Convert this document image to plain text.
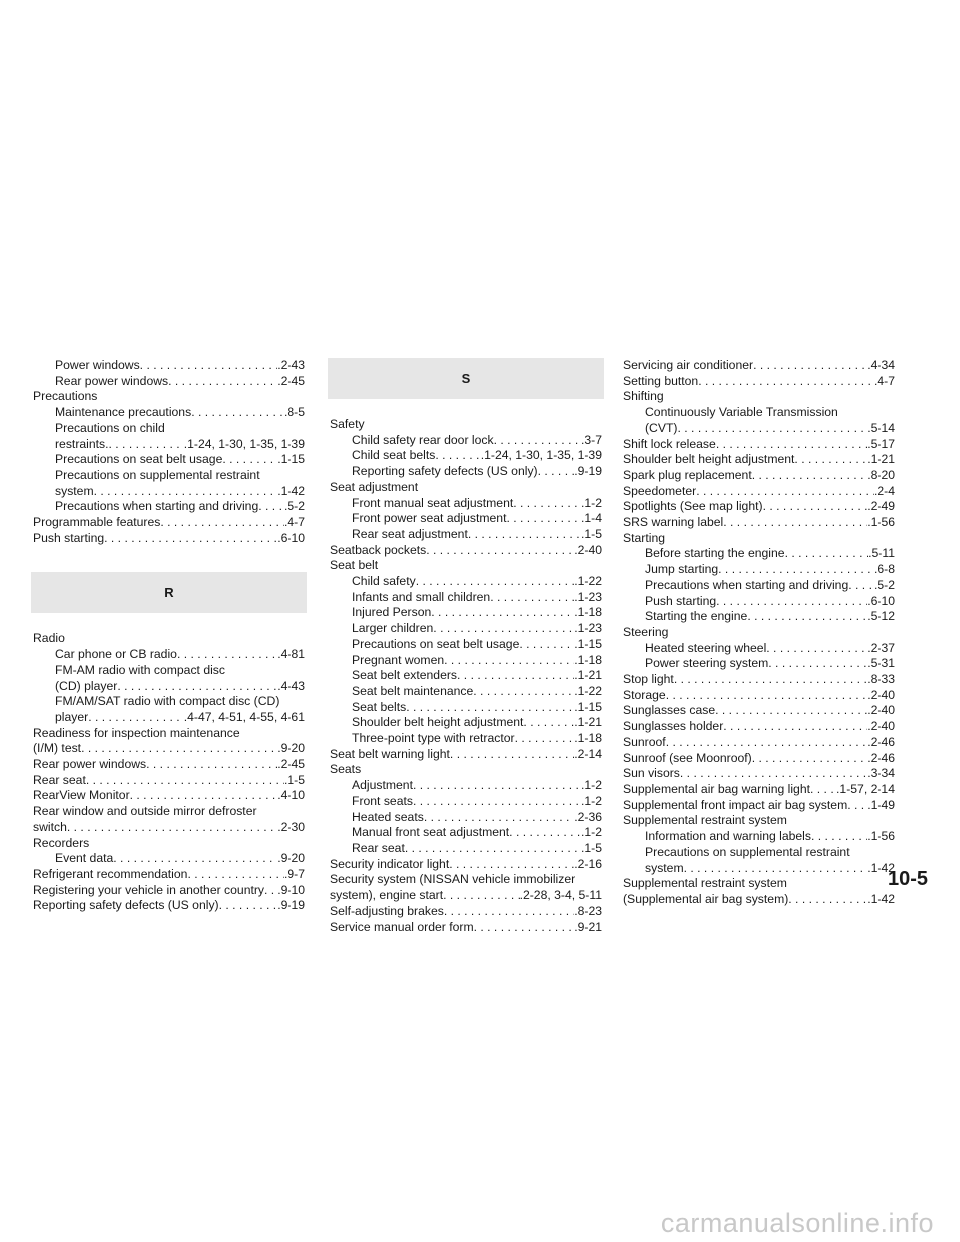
Power windows . . .	.2-43
Rear power windows . . .	.2-45
Precautions
Maintenance precautions . . .	.8-5
Precautions on child
restraints. . . .	.1-24, 1-30, 1-35, 1-39
Precautions on seat belt usage . . .	.1-15
Precautions on supplemental restraint
system . . .	.1-42
Precautions when starting and driving . . . .5-2
Programmable features . . .	.4-7
Push starting . . .	.6-10
R
Radio
Car phone or CB radio . . .	.4-81
FM-AM radio with compact disc
(CD) player . . .	.4-43
FM/AM/SAT radio with compact disc (CD)
player . . .	.4-47, 4-51, 4-55, 4-61
Readiness for inspection maintenance
(I/M) test . . .	.9-20
Rear power windows . . .	.2-45
Rear seat . . .	.1-5
RearView Monitor . . .	.4-10
Rear window and outside mirror defroster
switch . . .	.2-30
Recorders
Event data . . .	.9-20
Refrigerant recommendation . . .	.9-7
Registering your vehicle in another country . . . .9-10
Reporting safety defects (US only) . . .	.9-19
S
Safety
Child safety rear door lock . . .	.3-7
Child seat belts . . .	.1-24, 1-30, 1-35, 1-39
Reporting safety defects (US only) . . .	.9-19
Seat adjustment
Front manual seat adjustment . . .	.1-2
Front power seat adjustment . . .	.1-4
Rear seat adjustment . . .	.1-5
Seatback pockets . . .	.2-40
Seat belt
Child safety . . .	.1-22
Infants and small children . . .	.1-23
Injured Person . . .	.1-18
Larger children . . .	.1-23
Precautions on seat belt usage . . .	.1-15
Pregnant women . . .	.1-18
Seat belt extenders . . .	.1-21
Seat belt maintenance . . .	.1-22
Seat belts . . .	.1-15
Shoulder belt height adjustment . . .	.1-21
Three-point type with retractor . . .	.1-18
Seat belt warning light . . .	.2-14
Seats
Adjustment . . .	.1-2
Front seats . . .	.1-2
Heated seats . . .	.2-36
Manual front seat adjustment . . .	.1-2
Rear seat . . .	.1-5
Security indicator light . . .	.2-16
Security system (NISSAN vehicle immobilizer
system), engine start . . .	.2-28, 3-4, 5-11
Self-adjusting brakes . . .	.8-23
Service manual order form . . .	.9-21
Servicing air conditioner . . .	.4-34
Setting button . . .	.4-7
Shifting
Continuously Variable Transmission
(CVT) . . .	.5-14
Shift lock release . . .	.5-17
Shoulder belt height adjustment . . .	.1-21
Spark plug replacement . . .	.8-20
Speedometer . . .	.2-4
Spotlights (See map light) . . .	.2-49
SRS warning label . . .	.1-56
Starting
Before starting the engine . . .	.5-11
Jump starting . . .	.6-8
Precautions when starting and driving . . . .5-2
Push starting . . .	.6-10
Starting the engine . . .	.5-12
Steering
Heated steering wheel . . .	.2-37
Power steering system . . .	.5-31
Stop light . . .	.8-33
Storage . . .	.2-40
Sunglasses case . . .	.2-40
Sunglasses holder . . .	.2-40
Sunroof . . .	.2-46
Sunroof (see Moonroof) . . .	.2-46
Sun visors . . .	.3-34
Supplemental air bag warning light . . . .1-57, 2-14
Supplemental front impact air bag system . . . .1-49
Supplemental restraint system
Information and warning labels . . .	.1-56
Precautions on supplemental restraint
system . . .	.1-42
Supplemental restraint system
(Supplemental air bag system) . . .	.1-42
10-5
carmanualsonline.info
